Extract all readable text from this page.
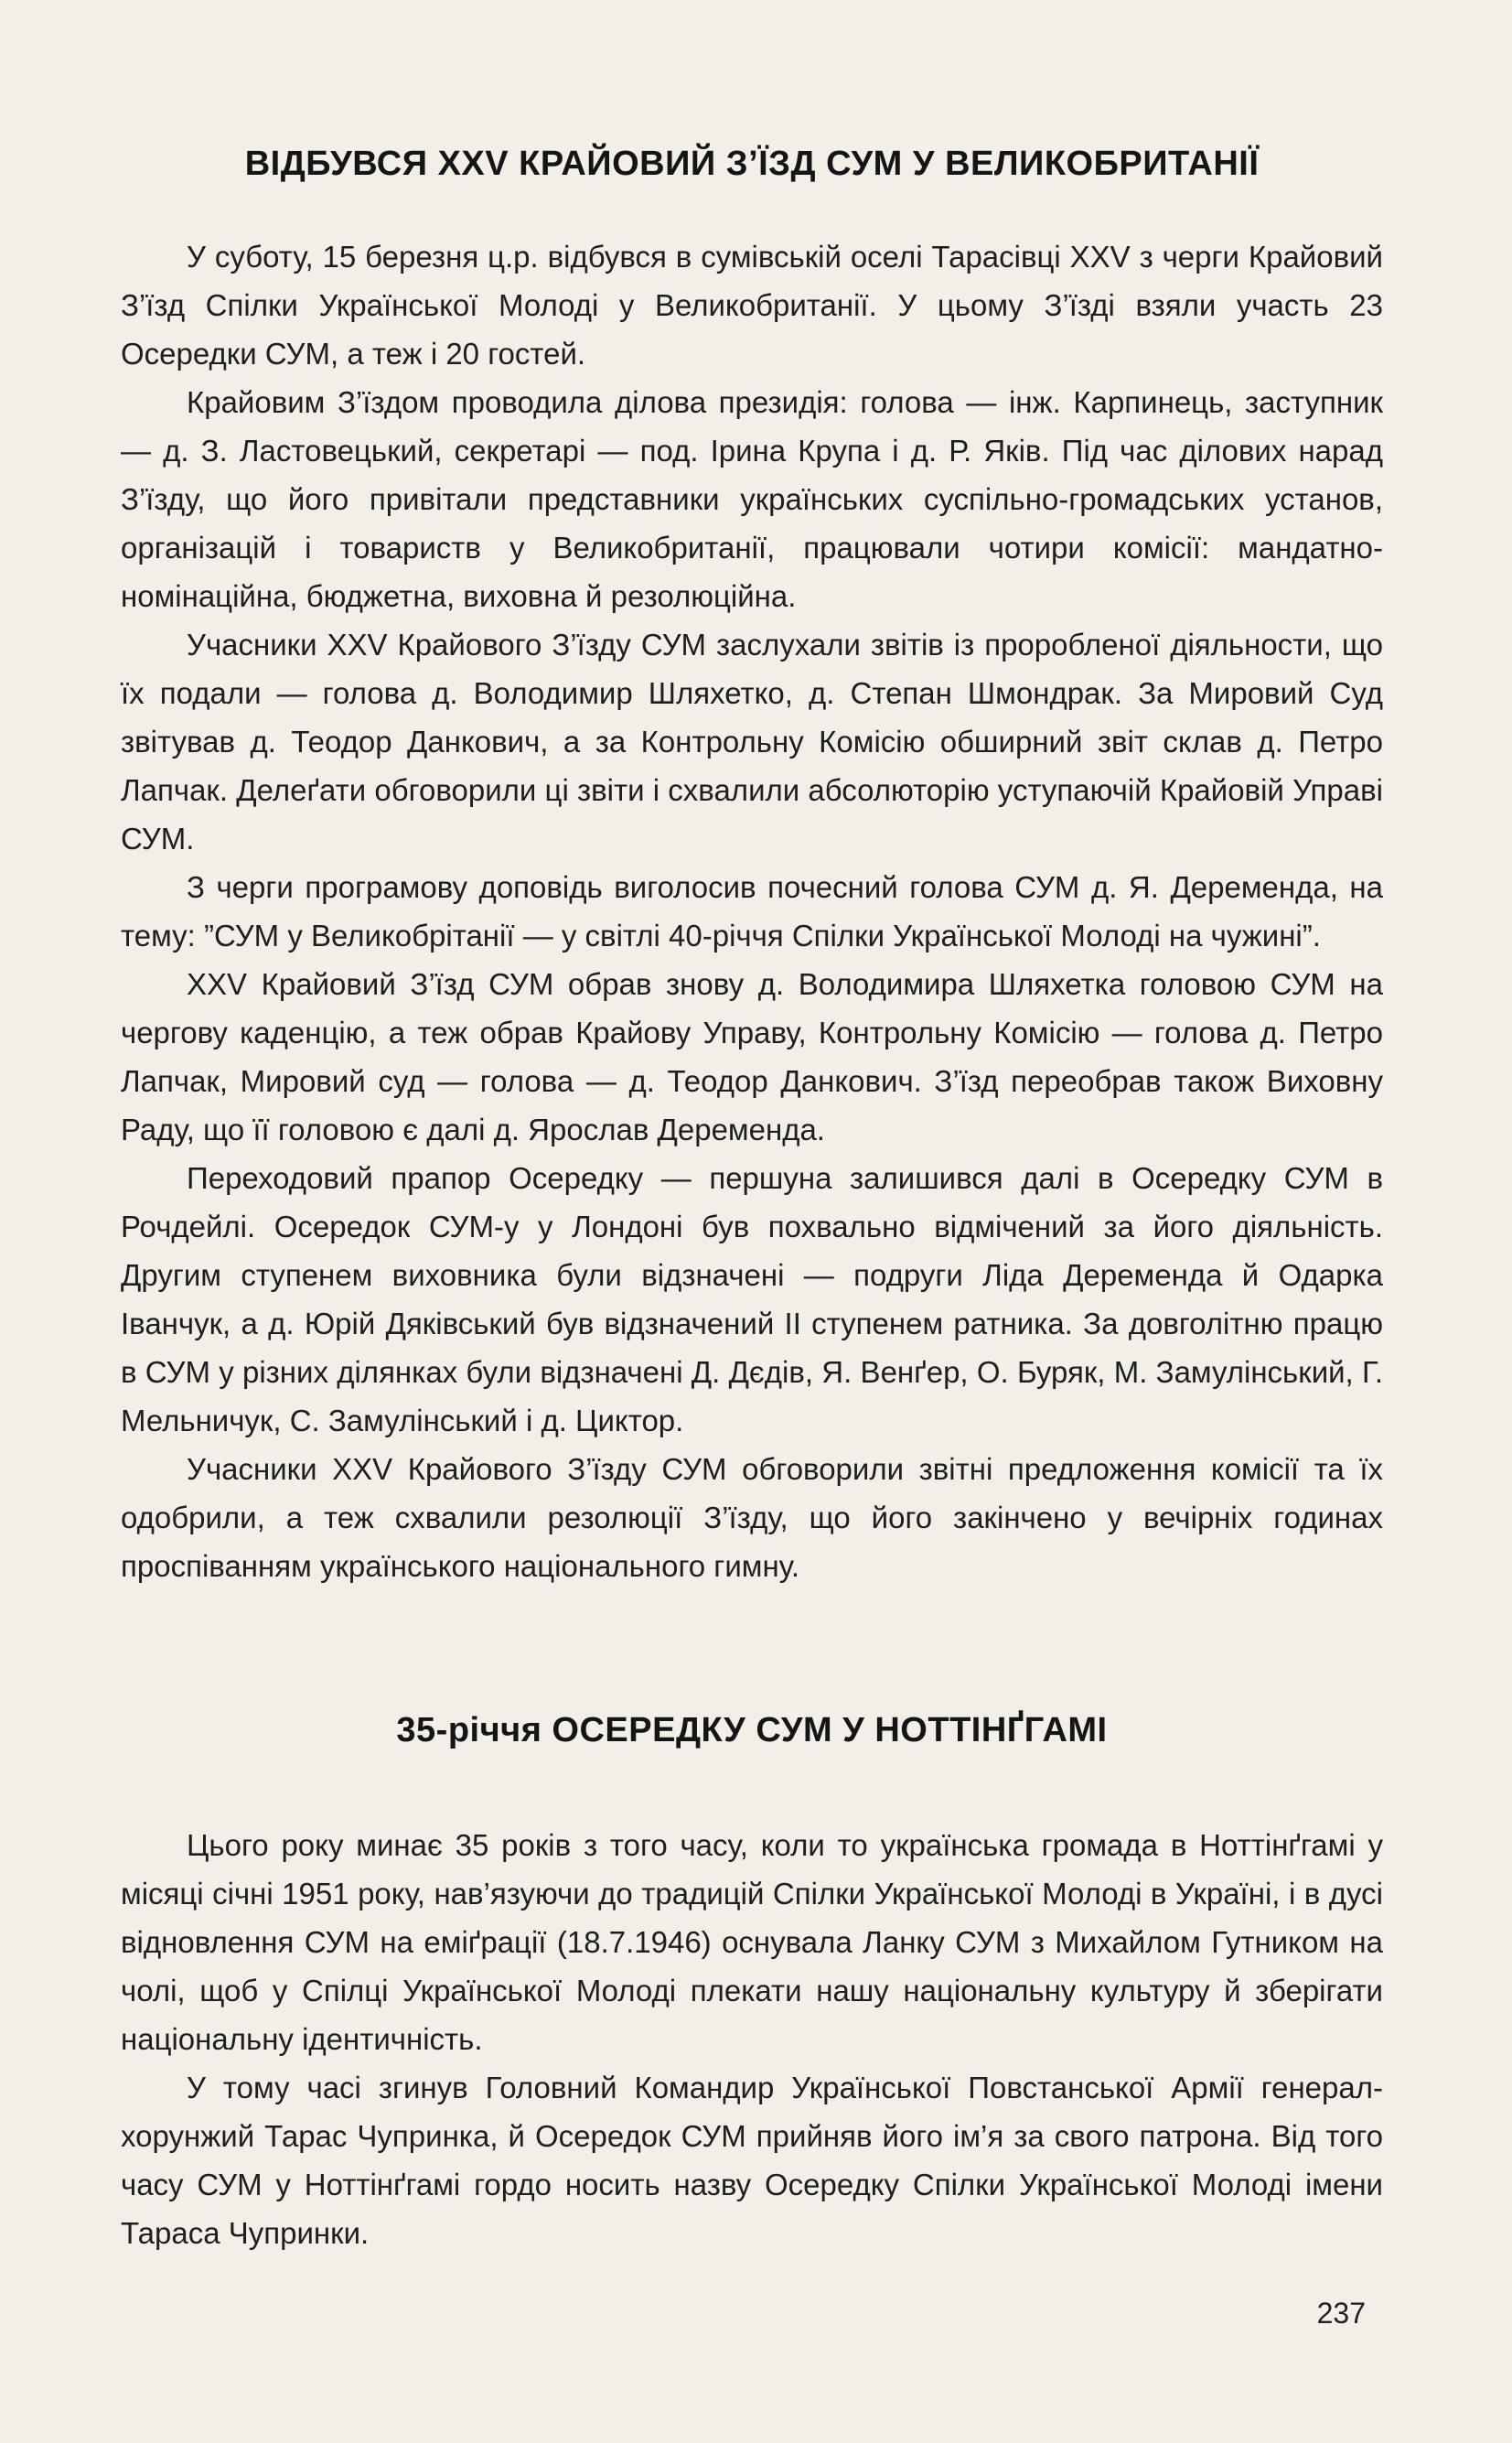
ВІДБУВСЯ XXV КРАЙОВИЙ З’ЇЗД СУМ У ВЕЛИКОБРИТАНІЇ

У суботу, 15 березня ц.р. відбувся в сумівській оселі Тарасівці XXV з черги Крайовий З’їзд Спілки Української Молоді у Великобританії. У цьому З’їзді взяли участь 23 Осередки СУМ, а теж і 20 гостей.

Крайовим З’їздом проводила ділова президія: голова — інж. Карпинець, заступник — д. З. Ластовецький, секретарі — под. Ірина Крупа і д. Р. Яків. Під час ділових нарад З’їзду, що його привітали представники українських суспільно-громадських установ, організацій і товариств у Великобританії, працювали чотири комісії: мандатно-номінаційна, бюджетна, виховна й резолюційна.

Учасники XXV Крайового З’їзду СУМ заслухали звітів із проробленої діяльности, що їх подали — голова д. Володимир Шляхетко, д. Степан Шмондрак. За Мировий Суд звітував д. Теодор Данкович, а за Контрольну Комісію обширний звіт склав д. Петро Лапчак. Делеґати обговорили ці звіти і схвалили абсолюторію уступаючій Крайовій Управі СУМ.

З черги програмову доповідь виголосив почесний голова СУМ д. Я. Деременда, на тему: ”СУМ у Великобрітанії — у світлі 40-річчя Спілки Української Молоді на чужині”.

XXV Крайовий З’їзд СУМ обрав знову д. Володимира Шляхетка головою СУМ на чергову каденцію, а теж обрав Крайову Управу, Контрольну Комісію — голова д. Петро Лапчак, Мировий суд — голова — д. Теодор Данкович. З’їзд переобрав також Виховну Раду, що її головою є далі д. Ярослав Деременда.

Переходовий прапор Осередку — першуна залишився далі в Осередку СУМ в Рочдейлі. Осередок СУМ-у у Лондоні був похвально відмічений за його діяльність. Другим ступенем виховника були відзначені — подруги Ліда Деременда й Одарка Іванчук, а д. Юрій Дяківський був відзначений II ступенем ратника. За довголітню працю в СУМ у різних ділянках були відзначені Д. Дєдів, Я. Венґер, О. Буряк, М. Замулінський, Г. Мельничук, С. Замулінський і д. Циктор.

Учасники XXV Крайового З’їзду СУМ обговорили звітні предложення комісії та їх одобрили, а теж схвалили резолюції З’їзду, що його закінчено у вечірніх годинах проспіванням українського національного гимну.

35-річчя ОСЕРЕДКУ СУМ У НОТТІНҐГАМІ

Цього року минає 35 років з того часу, коли то українська громада в Ноттінґгамі у місяці січні 1951 року, нав’язуючи до традицій Спілки Української Молоді в Україні, і в дусі відновлення СУМ на еміґрації (18.7.1946) оснувала Ланку СУМ з Михайлом Гутником на чолі, щоб у Спілці Української Молоді плекати нашу національну культуру й зберігати національну ідентичність.

У тому часі згинув Головний Командир Української Повстанської Армії генерал-хорунжий Тарас Чупринка, й Осередок СУМ прийняв його ім’я за свого патрона. Від того часу СУМ у Ноттінґгамі гордо носить назву Осередку Спілки Української Молоді імени Тараса Чупринки.

237
